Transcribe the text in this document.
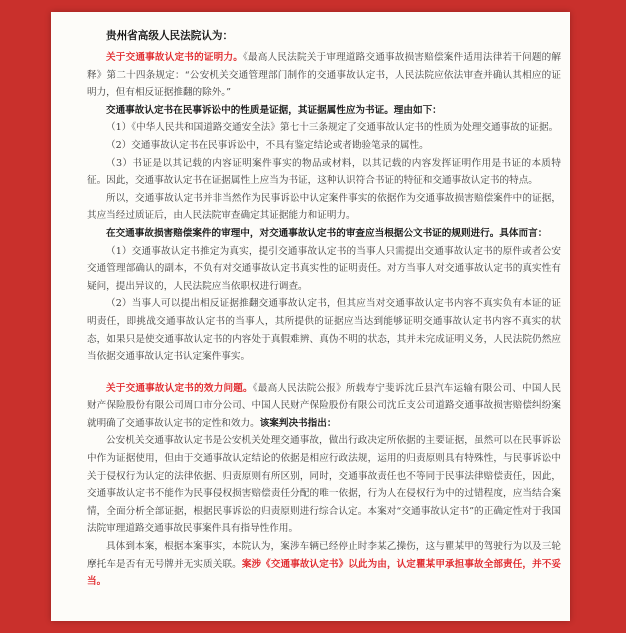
贵州省高级人民法院认为：

关于交通事故认定书的证明力。《最高人民法院关于审理道路交通事故损害赔偿案件适用法律若干问题的解释》第二十四条规定：“公安机关交通管理部门制作的交通事故认定书，人民法院应依法审查并确认其相应的证明力，但有相反证据推翻的除外。”

交通事故认定书在民事诉讼中的性质是证据，其证据属性应为书证。理由如下：

（1）《中华人民共和国道路交通安全法》第七十三条规定了交通事故认定书的性质为处理交通事故的证据。

（2）交通事故认定书在民事诉讼中，不具有鉴定结论或者勘验笔录的属性。

（3）书证是以其记载的内容证明案件事实的物品或材料，以其记载的内容发挥证明作用是书证的本质特征。因此，交通事故认定书在证据属性上应当为书证，这种认识符合书证的特征和交通事故认定书的特点。

所以，交通事故认定书并非当然作为民事诉讼中认定案件事实的依据作为交通事故损害赔偿案件中的证据，其应当经过质证后，由人民法院审查确定其证据能力和证明力。

在交通事故损害赔偿案件的审理中，对交通事故认定书的审查应当根据公文书证的规则进行。具体而言：

（1）交通事故认定书推定为真实，提引交通事故认定书的当事人只需提出交通事故认定书的原件或者公安交通管理部确认的副本，不负有对交通事故认定书真实性的证明责任。对方当事人对交通事故认定书的真实性有疑问，提出异议的，人民法院应当依职权进行调查。

（2）当事人可以提出相反证据推翻交通事故认定书，但其应当对交通事故认定书内容不真实负有本证的证明责任，即挑战交通事故认定书的当事人，其所提供的证据应当达到能够证明交通事故认定书内容不真实的状态，如果只是使交通事故认定书的内容处于真假难辨、真伪不明的状态，其并未完成证明义务，人民法院仍然应当依据交通事故认定书认定案件事实。

关于交通事故认定书的效力问题。《最高人民法院公报》所载寿宁斐诉沈丘县汽车运输有限公司、中国人民财产保险股份有限公司周口市分公司、中国人民财产保险股份有限公司沈丘支公司道路交通事故损害赔偿纠纷案就明确了交通事故认定书的定性和效力。该案判决书指出：

公安机关交通事故认定书是公安机关处理交通事故，做出行政决定所依据的主要证据，虽然可以在民事诉讼中作为证据使用，但由于交通事故认定结论的依据是相应行政法规，运用的归责原则具有特殊性，与民事诉讼中关于侵权行为认定的法律依据、归责原则有所区别，同时，交通事故责任也不等同于民事法律赔偿责任，因此，交通事故认定书不能作为民事侵权损害赔偿责任分配的唯一依据，行为人在侵权行为中的过错程度，应当结合案情，全面分析全部证据，根据民事诉讼的归责原则进行综合认定。本案对“交通事故认定书”的正确定性对于我国法院审理道路交通事故民事案件具有指导性作用。

具体到本案，根据本案事实，本院认为，案涉车辆已经停止时李某乙操伤，这与瞿某甲的驾驶行为以及三轮摩托车是否有无号牌并无实质关联。案涉《交通事故认定书》以此为由，认定瞿某甲承担事故全部责任，并不妥当。
